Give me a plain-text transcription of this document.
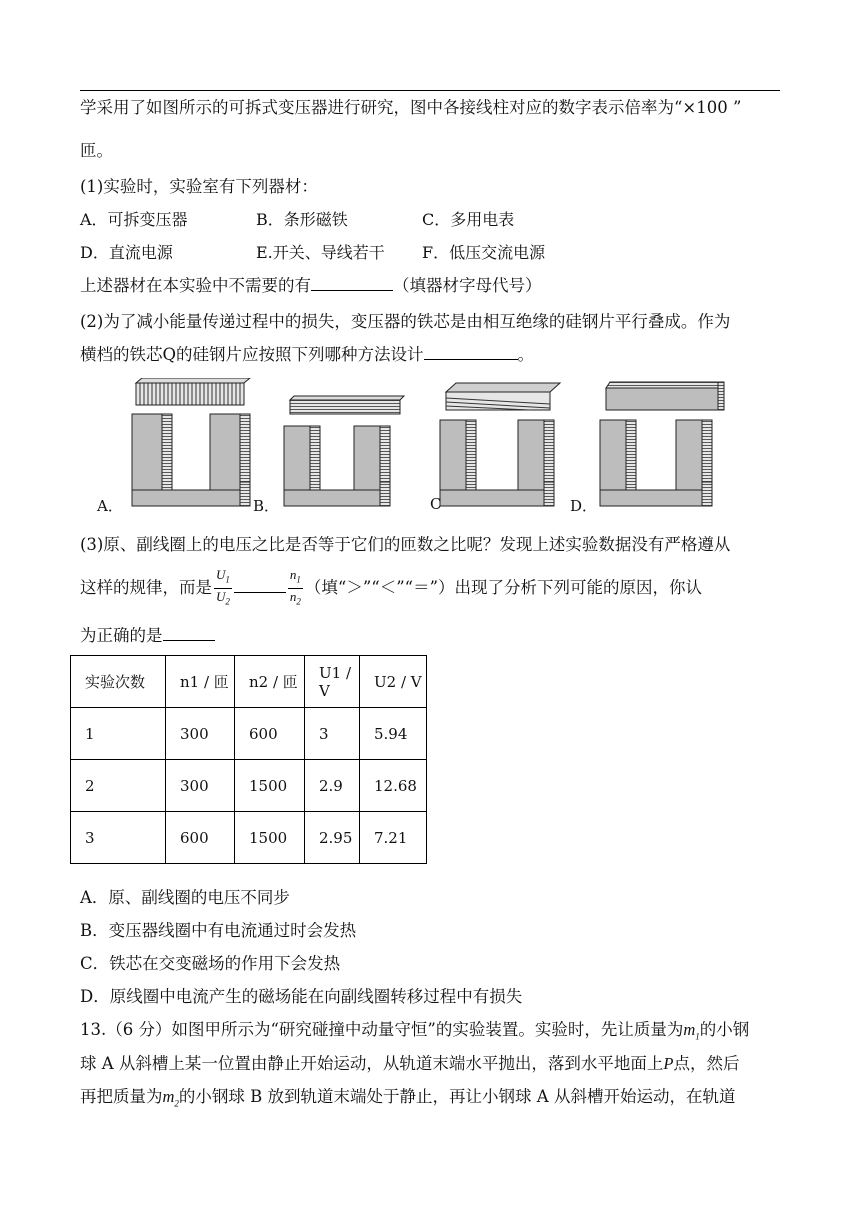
学采用了如图所示的可拆式变压器进行研究，图中各接线柱对应的数字表示倍率为“×100 ”
匝。
(1)实验时，实验室有下列器材：
A．可拆变压器	B．条形磁铁	C．多用电表
D．直流电源	E.开关、导线若干 F．低压交流电源
上述器材在本实验中不需要的有	（填器材字母代号）
(2)为了减小能量传递过程中的损失，变压器的铁芯是由相互绝缘的硅钢片平行叠成。作为
横档的铁芯Q的硅钢片应按照下列哪种方法设计	。
A．	B．	C	D．
(3)原、副线圈上的电压之比是否等于它们的匝数之比呢？发现上述实验数据没有严格遵从
这样的规律，而是 $\frac{U_1}{U_2}$	$\frac{n_1}{n_2}$ （填“＞”“＜”“＝”）出现了分析下列可能的原因，你认
为正确的是
实验次数	n1 / 匝	n2 / 匝	U1 / V	U2 / V
1	300	600	3	5.94
2	300	1500	2.9	12.68
3	600	1500	2.95	7.21
A．原、副线圈的电压不同步
B．变压器线圈中有电流通过时会发热
C．铁芯在交变磁场的作用下会发热
D．原线圈中电流产生的磁场能在向副线圈转移过程中有损失
13.（6 分）如图甲所示为“研究碰撞中动量守恒”的实验装置。实验时，先让质量为$m_1$的小钢
球 A 从斜槽上某一位置由静止开始运动，从轨道末端水平抛出，落到水平地面上P点，然后
再把质量为$m_2$的小钢球 B 放到轨道末端处于静止，再让小钢球 A 从斜槽开始运动，在轨道
